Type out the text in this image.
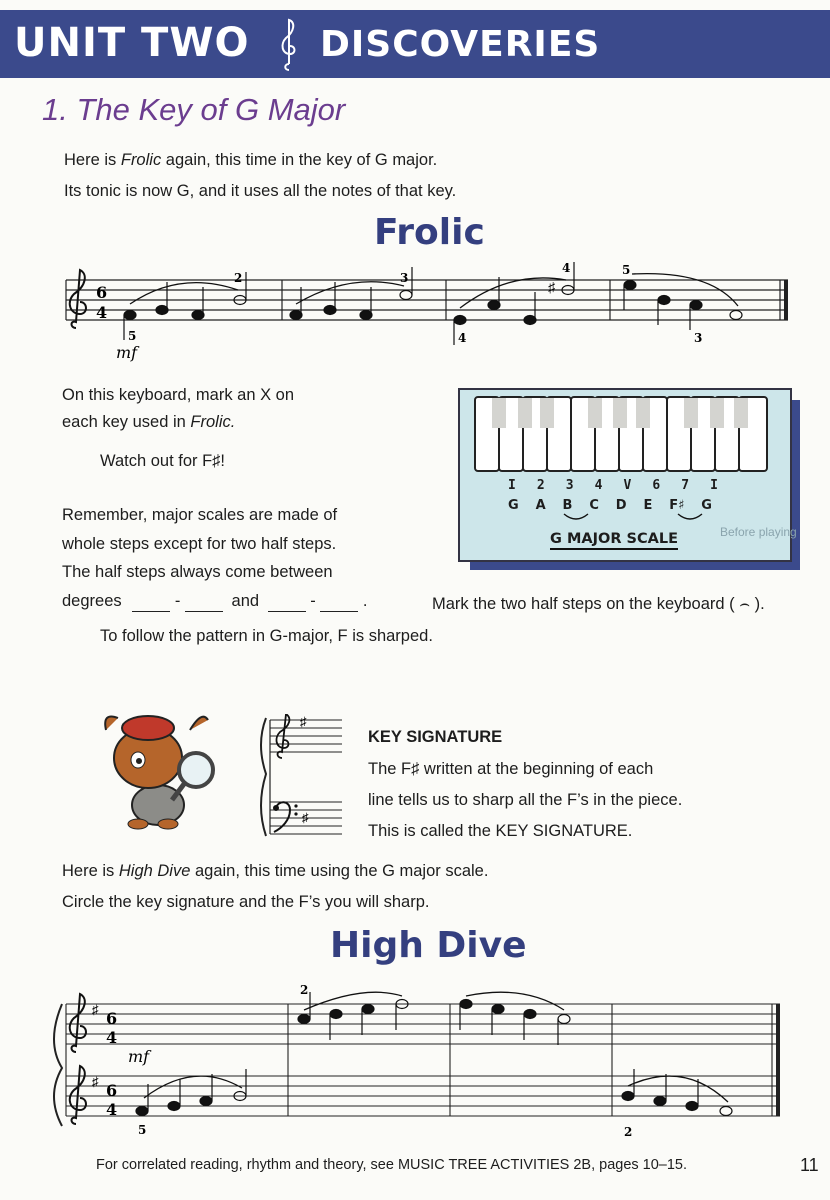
UNIT TWO DISCOVERIES
1. The Key of G Major
Here is Frolic again, this time in the key of G major.
Its tonic is now G, and it uses all the notes of that key.
Frolic
6
4
♯
2	3
4	5
5	4	3
mf
On this keyboard, mark an X on
each key used in Frolic.
Watch out for F♯!
I 2 3 4 V 6 7 I
G A B C D E F♯ G
Before playing
G MAJOR SCALE
Remember, major scales are made of
whole steps except for two half steps.
The half steps always come between
degrees	-	and	-	.	Mark the two half steps on the keyboard ( ⌢ ).
To follow the pattern in G-major, F is sharped.
♯
♯
KEY SIGNATURE
The F♯ written at the beginning of each
line tells us to sharp all the F’s in the piece.
This is called the KEY SIGNATURE.
Here is High Dive again, this time using the G major scale.
Circle the key signature and the F’s you will sharp.
High Dive
♯
♯
6
4
6
4
mf
2
5	2
For correlated reading, rhythm and theory, see MUSIC TREE ACTIVITIES 2B, pages 10–15.	11
